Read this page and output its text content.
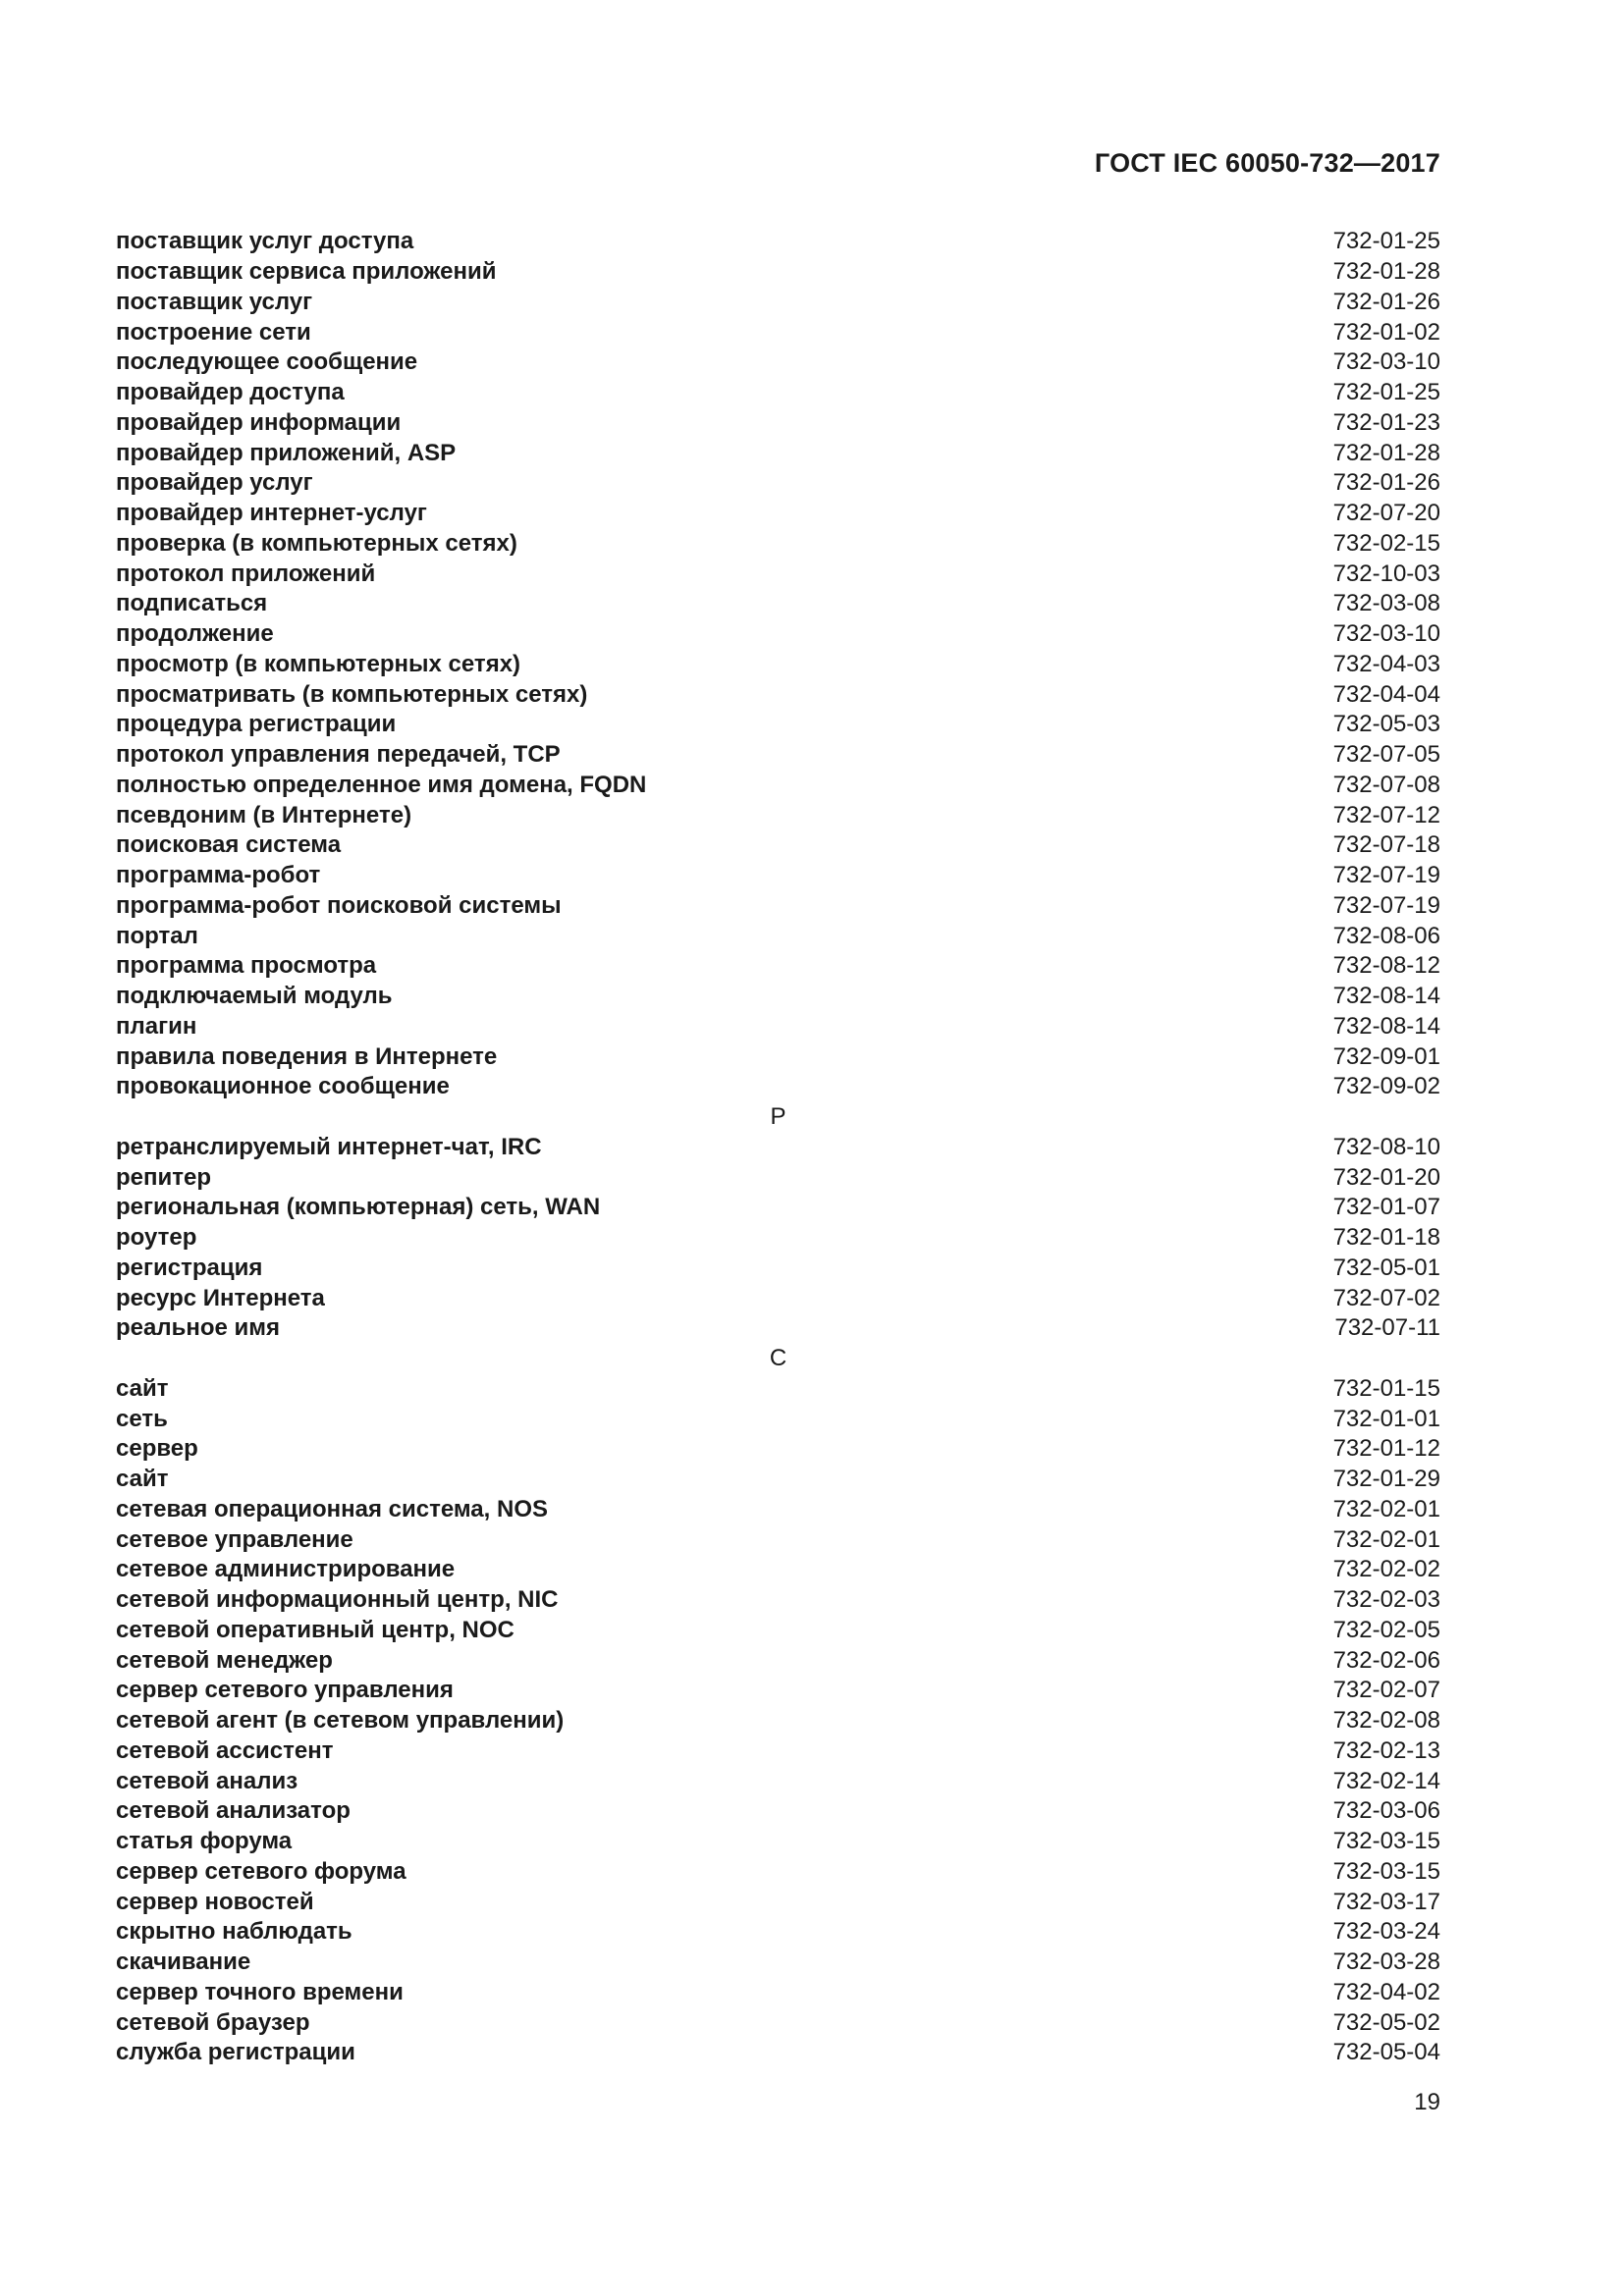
ГОСТ IEC 60050-732—2017
поставщик услуг доступа	732-01-25
поставщик сервиса приложений	732-01-28
поставщик услуг	732-01-26
построение сети	732-01-02
последующее сообщение	732-03-10
провайдер доступа	732-01-25
провайдер информации	732-01-23
провайдер приложений, ASP	732-01-28
провайдер услуг	732-01-26
провайдер интернет-услуг	732-07-20
проверка (в компьютерных сетях)	732-02-15
протокол приложений	732-10-03
подписаться	732-03-08
продолжение	732-03-10
просмотр (в компьютерных сетях)	732-04-03
просматривать (в компьютерных сетях)	732-04-04
процедура регистрации	732-05-03
протокол управления передачей, TCP	732-07-05
полностью определенное имя домена, FQDN	732-07-08
псевдоним (в Интернете)	732-07-12
поисковая система	732-07-18
программа-робот	732-07-19
программа-робот поисковой системы	732-07-19
портал	732-08-06
программа просмотра	732-08-12
подключаемый модуль	732-08-14
плагин	732-08-14
правила поведения в Интернете	732-09-01
провокационное сообщение	732-09-02
Р
ретранслируемый интернет-чат, IRC	732-08-10
репитер	732-01-20
региональная (компьютерная) сеть, WAN	732-01-07
роутер	732-01-18
регистрация	732-05-01
ресурс Интернета	732-07-02
реальное имя	732-07-11
С
сайт	732-01-15
сеть	732-01-01
сервер	732-01-12
сайт	732-01-29
сетевая операционная система, NOS	732-02-01
сетевое управление	732-02-01
сетевое администрирование	732-02-02
сетевой информационный центр, NIC	732-02-03
сетевой оперативный центр, NOC	732-02-05
сетевой менеджер	732-02-06
сервер сетевого управления	732-02-07
сетевой агент (в сетевом управлении)	732-02-08
сетевой ассистент	732-02-13
сетевой анализ	732-02-14
сетевой анализатор	732-03-06
статья форума	732-03-15
сервер сетевого форума	732-03-15
сервер новостей	732-03-17
скрытно наблюдать	732-03-24
скачивание	732-03-28
сервер точного времени	732-04-02
сетевой браузер	732-05-02
служба регистрации	732-05-04
19
